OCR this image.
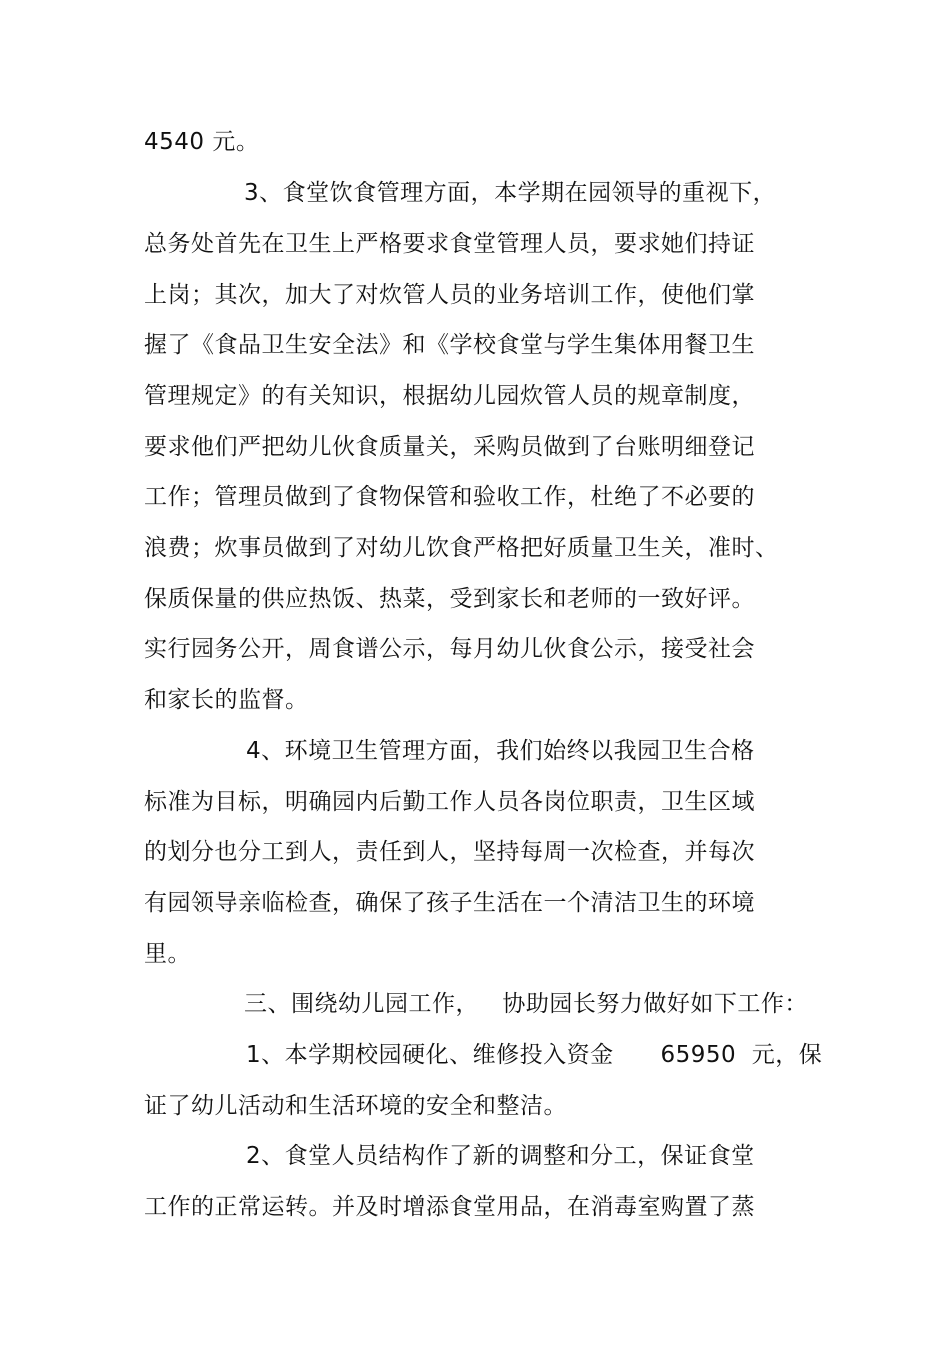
4540 元。
3、食堂饮食管理方面，本学期在园领导的重视下，
总务处首先在卫生上严格要求食堂管理人员，要求她们持证
上岗；其次，加大了对炊管人员的业务培训工作，使他们掌
握了《食品卫生安全法》和《学校食堂与学生集体用餐卫生
管理规定》的有关知识，根据幼儿园炊管人员的规章制度，
要求他们严把幼儿伙食质量关，采购员做到了台账明细登记
工作；管理员做到了食物保管和验收工作，杜绝了不必要的
浪费；炊事员做到了对幼儿饮食严格把好质量卫生关，准时、
保质保量的供应热饭、热菜，受到家长和老师的一致好评。
实行园务公开，周食谱公示，每月幼儿伙食公示，接受社会
和家长的监督。
4、环境卫生管理方面，我们始终以我园卫生合格
标准为目标，明确园内后勤工作人员各岗位职责，卫生区域
的划分也分工到人，责任到人，坚持每周一次检查，并每次
有园领导亲临检查，确保了孩子生活在一个清洁卫生的环境
里。
三、围绕幼儿园工作，   协助园长努力做好如下工作：
1、本学期校园硬化、维修投入资金      65950  元，保
证了幼儿活动和生活环境的安全和整洁。
2、食堂人员结构作了新的调整和分工，保证食堂
工作的正常运转。并及时增添食堂用品，在消毒室购置了蒸
